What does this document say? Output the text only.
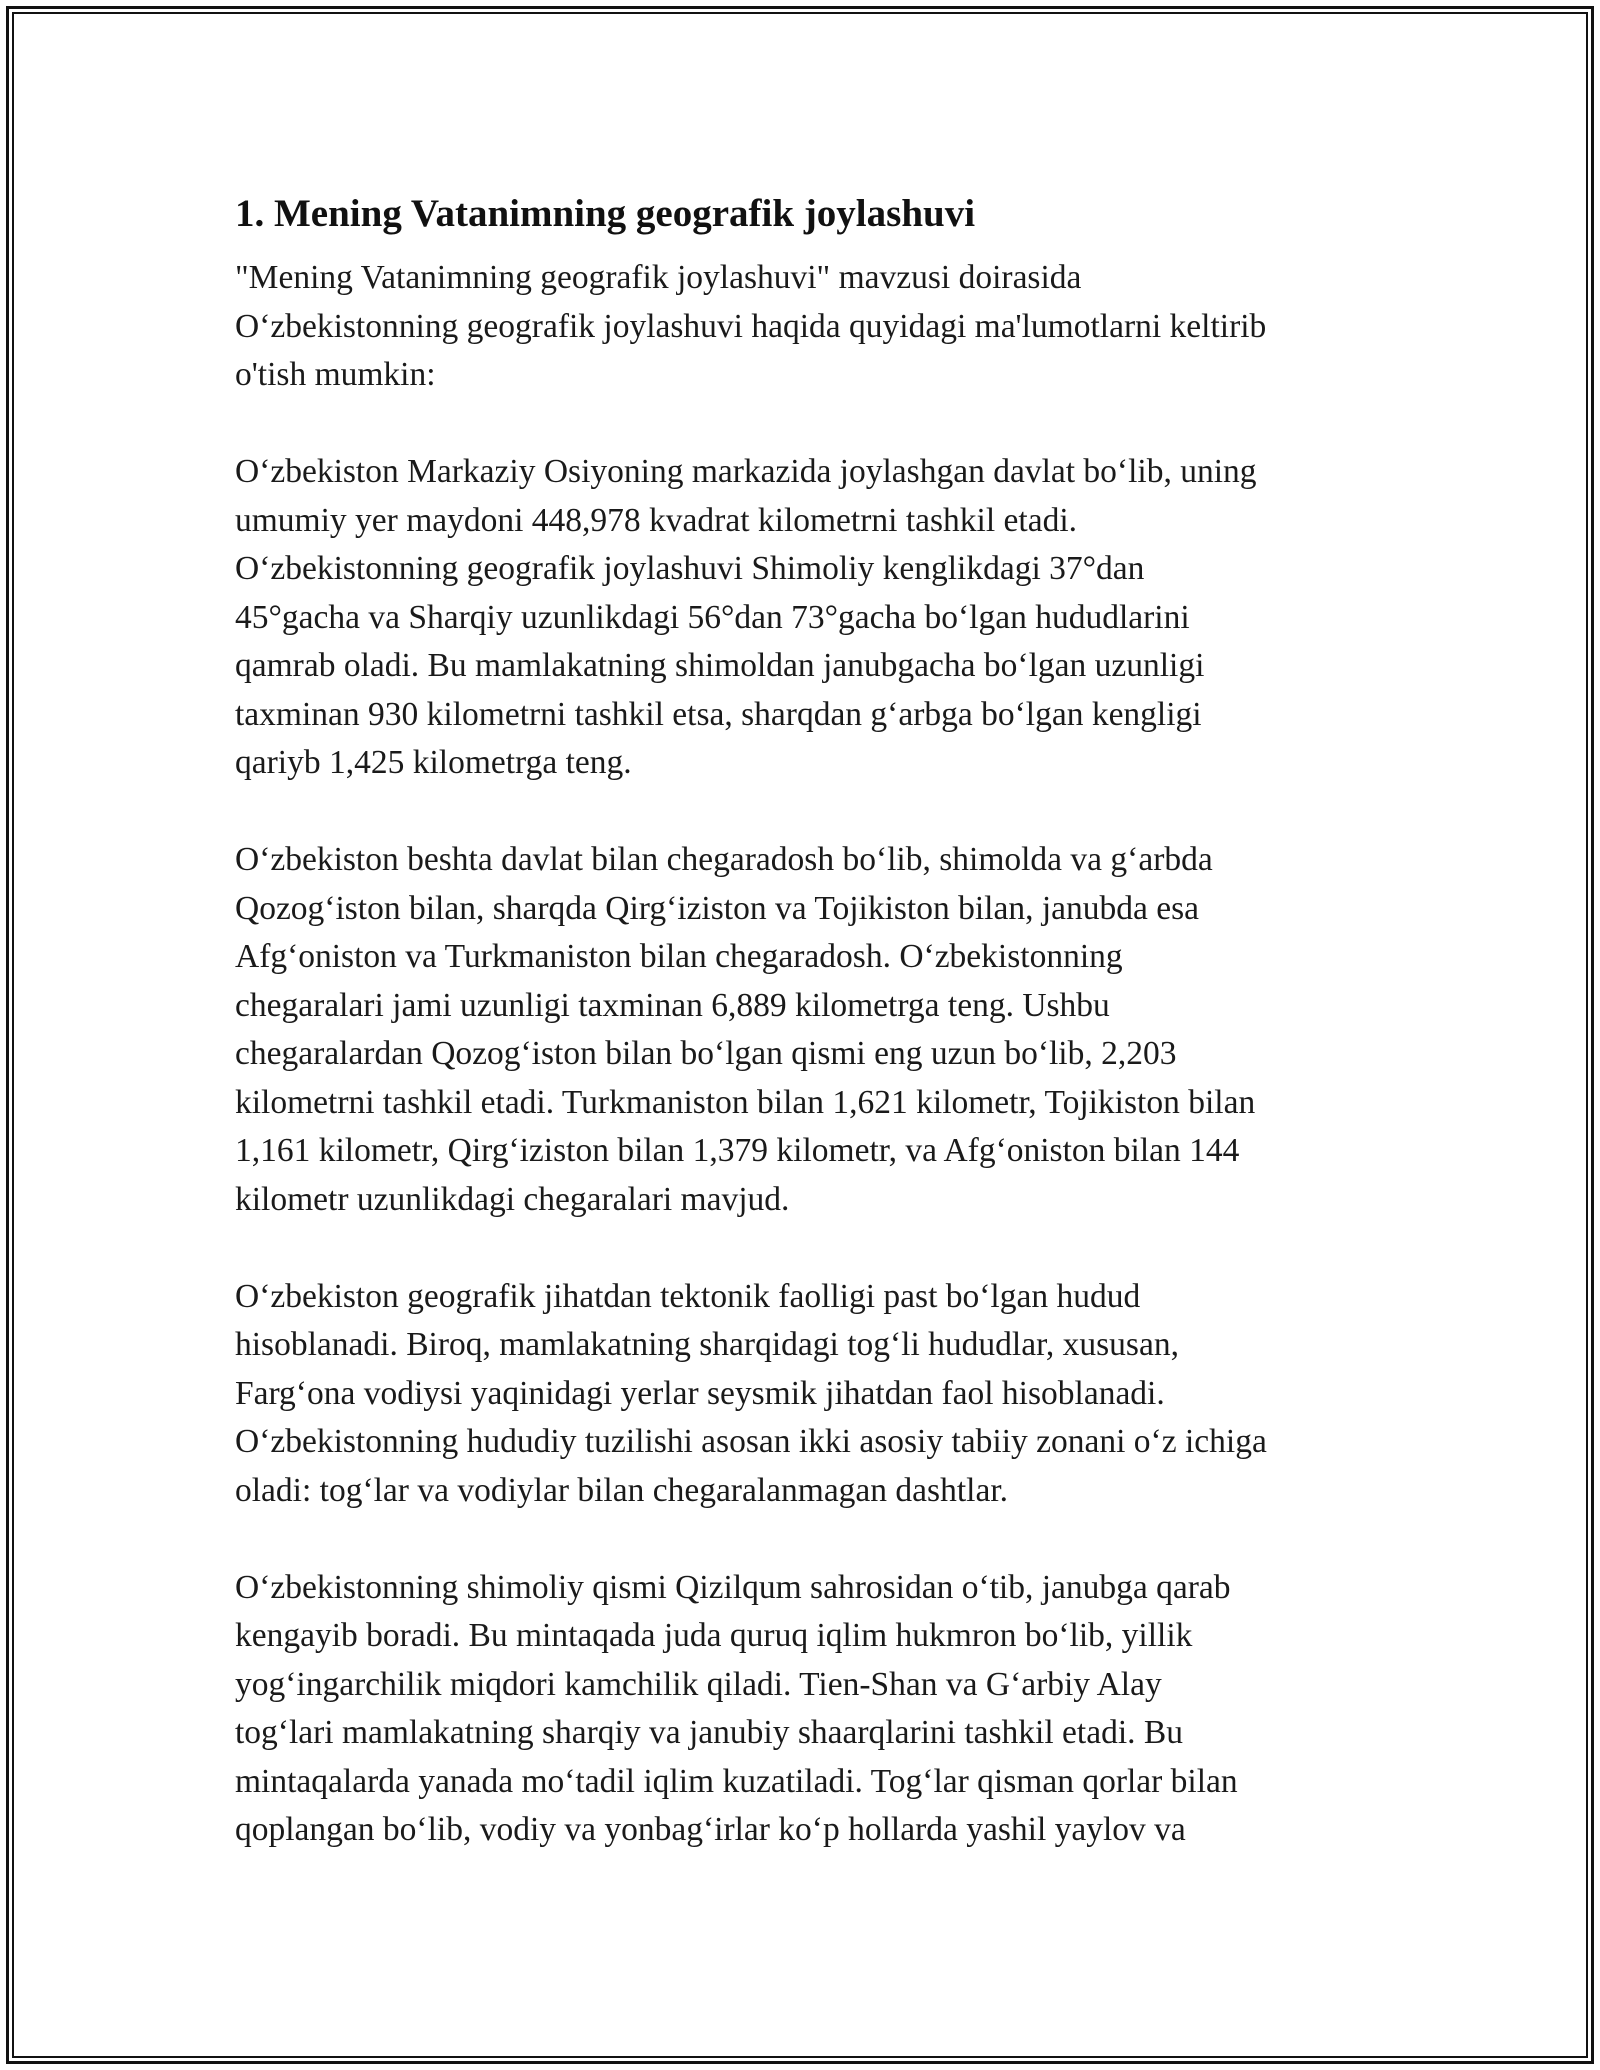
1. Mening Vatanimning geografik joylashuvi

"Mening Vatanimning geografik joylashuvi" mavzusi doirasida
O‘zbekistonning geografik joylashuvi haqida quyidagi ma'lumotlarni keltirib
o'tish mumkin:

O‘zbekiston Markaziy Osiyoning markazida joylashgan davlat bo‘lib, uning
umumiy yer maydoni 448,978 kvadrat kilometrni tashkil etadi.
O‘zbekistonning geografik joylashuvi Shimoliy kenglikdagi 37°dan
45°gacha va Sharqiy uzunlikdagi 56°dan 73°gacha bo‘lgan hududlarini
qamrab oladi. Bu mamlakatning shimoldan janubgacha bo‘lgan uzunligi
taxminan 930 kilometrni tashkil etsa, sharqdan g‘arbga bo‘lgan kengligi
qariyb 1,425 kilometrga teng.

O‘zbekiston beshta davlat bilan chegaradosh bo‘lib, shimolda va g‘arbda
Qozog‘iston bilan, sharqda Qirg‘iziston va Tojikiston bilan, janubda esa
Afg‘oniston va Turkmaniston bilan chegaradosh. O‘zbekistonning
chegaralari jami uzunligi taxminan 6,889 kilometrga teng. Ushbu
chegaralardan Qozog‘iston bilan bo‘lgan qismi eng uzun bo‘lib, 2,203
kilometrni tashkil etadi. Turkmaniston bilan 1,621 kilometr, Tojikiston bilan
1,161 kilometr, Qirg‘iziston bilan 1,379 kilometr, va Afg‘oniston bilan 144
kilometr uzunlikdagi chegaralari mavjud.

O‘zbekiston geografik jihatdan tektonik faolligi past bo‘lgan hudud
hisoblanadi. Biroq, mamlakatning sharqidagi tog‘li hududlar, xususan,
Farg‘ona vodiysi yaqinidagi yerlar seysmik jihatdan faol hisoblanadi.
O‘zbekistonning hududiy tuzilishi asosan ikki asosiy tabiiy zonani o‘z ichiga
oladi: tog‘lar va vodiylar bilan chegaralanmagan dashtlar.

O‘zbekistonning shimoliy qismi Qizilqum sahrosidan o‘tib, janubga qarab
kengayib boradi. Bu mintaqada juda quruq iqlim hukmron bo‘lib, yillik
yog‘ingarchilik miqdori kamchilik qiladi. Tien-Shan va G‘arbiy Alay
tog‘lari mamlakatning sharqiy va janubiy shaarqlarini tashkil etadi. Bu
mintaqalarda yanada mo‘tadil iqlim kuzatiladi. Tog‘lar qisman qorlar bilan
qoplangan bo‘lib, vodiy va yonbag‘irlar ko‘p hollarda yashil yaylov va
